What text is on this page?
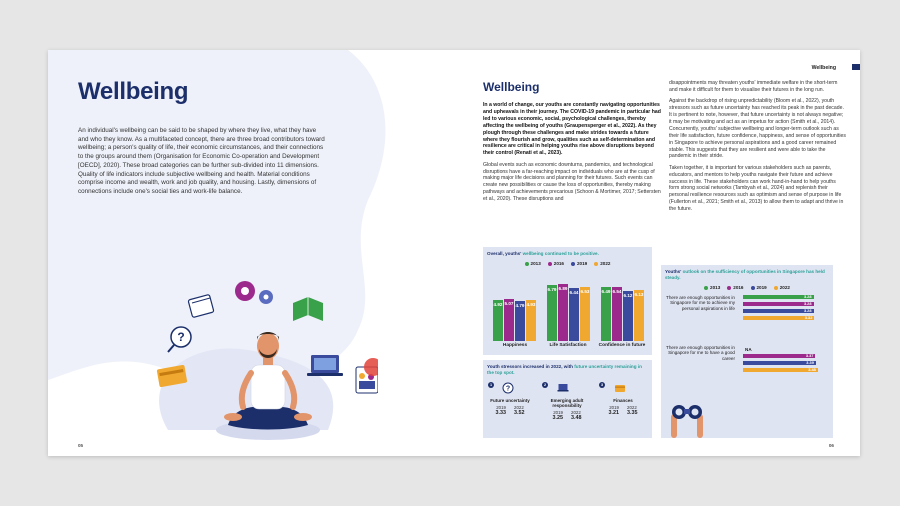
Wellbeing
An individual's wellbeing can be said to be shaped by where they live, what they have and who they know. As a multifaceted concept, there are three broad contributors toward wellbeing; a person's quality of life, their economic circumstances, and their connections to the groups around them (Organisation for Economic Co-operation and Development [OECD], 2020). These broad categories can be further sub-divided into 11 dimensions. Quality of life indicators include subjective wellbeing and health. Material conditions comprise income and wealth, work and job quality, and housing. Lastly, dimensions of connections include one's social ties and work-life balance.
?
05
Wellbeing
Wellbeing

In a world of change, our youths are constantly navigating opportunities and upheavals in their journey. The COVID-19 pandemic in particular had led to various economic, social, psychological challenges, thereby affecting the wellbeing of youths (Graupensperger et al., 2022). As they plough through these challenges and make strides towards a future where they flourish and grow, qualities such as self-determination and resilience are critical in helping youths rise above disruptions beyond their control (Renati et al., 2023).

Global events such as economic downturns, pandemics, and technological disruptions have a far-reaching impact on individuals who are at the cusp of making major life decisions and planning for their futures. Such events can create new possibilities or cause the loss of opportunities, thereby making pathways and achievements precarious (Schoon & Mortimer, 2017; Settersten et al., 2020). These disruptions and

disappointments may threaten youths' immediate welfare in the short-term and make it difficult for them to visualise their futures in the long run.

Against the backdrop of rising unpredictability (Bloom et al., 2022), youth stressors such as future uncertainty has reached its peak in the past decade. It is pertinent to note, however, that future uncertainty is not always negative; it may be motivating and act as an impetus for action (Smith et al., 2014). Concurrently, youths' subjective wellbeing and longer-term outlook such as their life satisfaction, future confidence, happiness, and sense of opportunities in Singapore to achieve personal aspirations and a good career remained stable. This suggests that they are resilient and were able to take the pandemic in their stride.

Taken together, it is important for various stakeholders such as parents, educators, and mentors to help youths navigate their future and achieve success in life. These stakeholders can work hand-in-hand to help youths form strong social networks (Tambyah et al., 2024) and replenish their personal resilience resources such as optimism and sense of purpose in life (Fullerton et al., 2021; Smith et al., 2013) to allow them to adapt and thrive in the future.

Overall, youths' wellbeing continued to be positive.
2013	2016	2019	2022
4.92 5.07 4.79 4.93
6.79 6.89
6.44 6.53	6.49 6.54
6.12 6.13
Happiness	Life Satisfaction	Confidence in future
Youth stressors increased in 2022, with future uncertainty remaining in the top spot.
1
?
Future uncertainty
2019 2022
3.33 3.52
2
Emerging adult responsibility
2019 2022
3.25 3.48
3
Finances
2019 2022
3.21 3.35
Youths' outlook on the sufficiency of opportunities in Singapore has held steady.
2013	2016	2019	2022
There are enough opportunities in Singapore for me to achieve my personal aspirations in life
There are enough opportunities in Singapore for me to have a good career
NA
3.28
3.28
3.28
3.32
3.37
3.39
3.48
06
